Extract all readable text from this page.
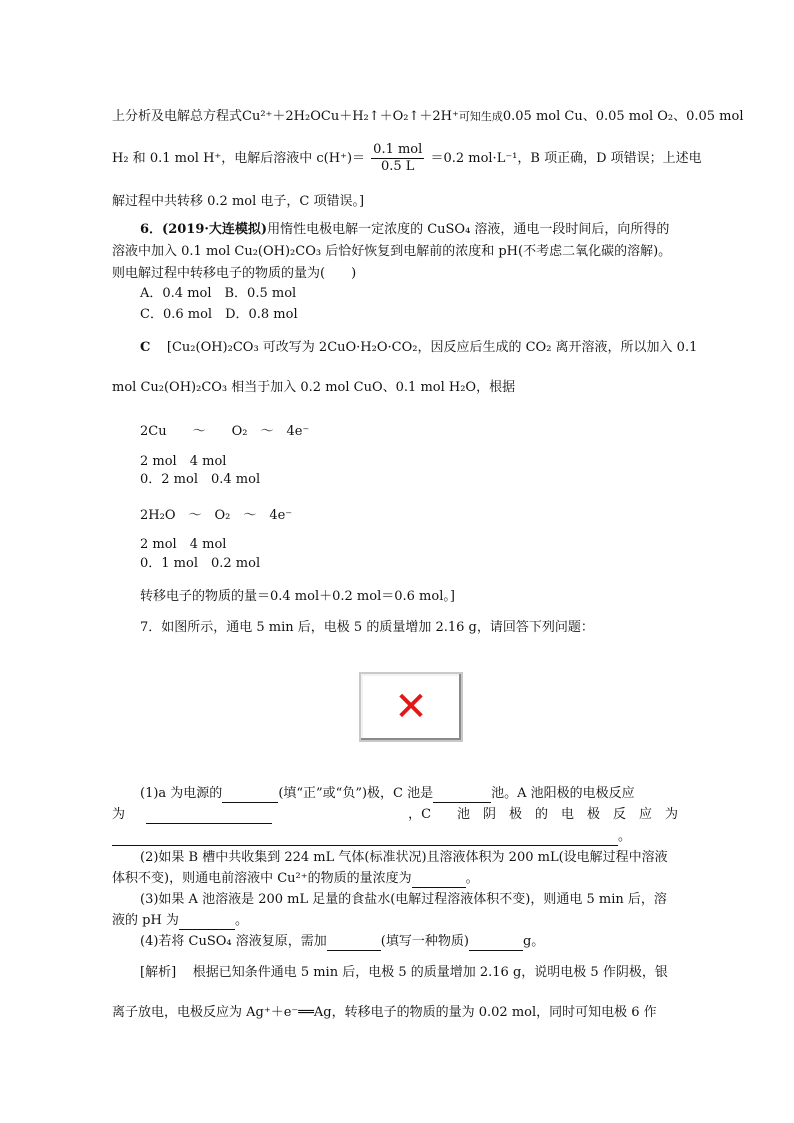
上分析及电解总方程式Cu²⁺＋2H₂OCu＋H₂↑＋O₂↑＋2H⁺可知生成0.05 mol Cu、0.05 mol O₂、0.05 mol
H₂ 和 0.1 mol H⁺，电解后溶液中 $c(H^+)= \frac{\text{0.1 mol}}{0.5 L} =0.2$ mol·L⁻¹，B 项正确，D 项错误；上述电
解过程中共转移 0.2 mol 电子，C 项错误。]
6．(2019·大连模拟)用惰性电极电解一定浓度的 CuSO₄ 溶液，通电一段时间后，向所得的
溶液中加入 0.1 mol Cu₂(OH)₂CO₃ 后恰好恢复到电解前的浓度和 pH(不考虑二氧化碳的溶解)。
则电解过程中转移电子的物质的量为(　　)
A．0.4 mol　B．0.5 mol
C．0.6 mol　D．0.8 mol
C [Cu₂(OH)₂CO₃ 可改写为 2CuO·H₂O·CO₂，因反应后生成的 CO₂ 离开溶液，所以加入 0.1
mol Cu₂(OH)₂CO₃ 相当于加入 0.2 mol CuO、0.1 mol H₂O，根据
2Cu　　～　　O₂　～　4e⁻
2 mol　4 mol
0．2 mol　0.4 mol
2H₂O　～　O₂　～　4e⁻
2 mol　4 mol
0．1 mol　0.2 mol
转移电子的物质的量＝0.4 mol＋0.2 mol＝0.6 mol。]
7．如图所示，通电 5 min 后，电极 5 的质量增加 2.16 g，请回答下列问题：
✕
(1)a 为电源的	(填“正”或“负”)极，C 池是	池。A 池阳极的电极反应
为	，C　　池　阴　极　的　电　极　反　应　为
。
(2)如果 B 槽中共收集到 224 mL 气体(标准状况)且溶液体积为 200 mL(设电解过程中溶液
体积不变)，则通电前溶液中 Cu²⁺的物质的量浓度为	。
(3)如果 A 池溶液是 200 mL 足量的食盐水(电解过程溶液体积不变)，则通电 5 min 后，溶
液的 pH 为	。
(4)若将 CuSO₄ 溶液复原，需加	(填写一种物质)	g。
[解析] 根据已知条件通电 5 min 后，电极 5 的质量增加 2.16 g，说明电极 5 作阴极，银
离子放电，电极反应为 Ag⁺＋e⁻══Ag，转移电子的物质的量为 0.02 mol，同时可知电极 6 作
